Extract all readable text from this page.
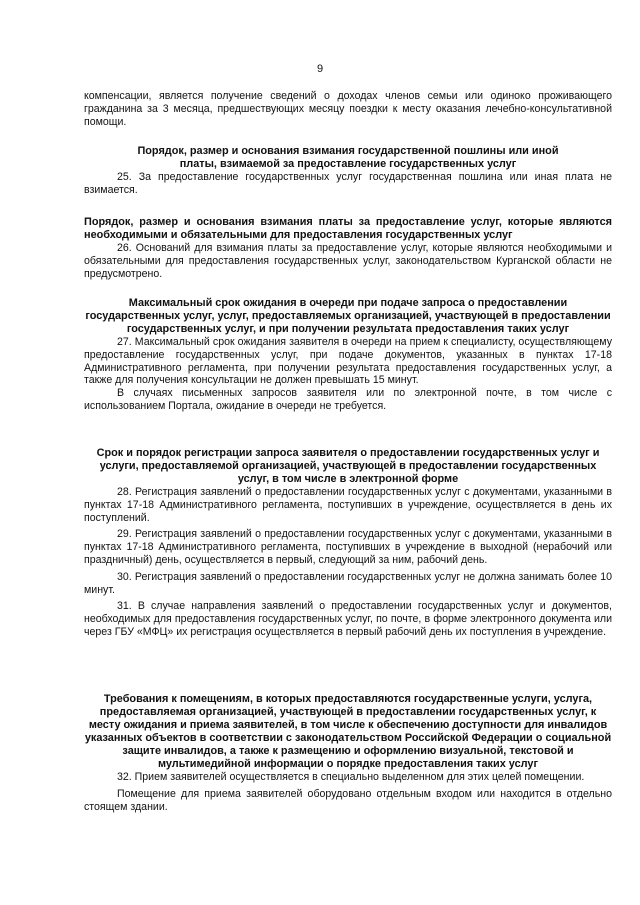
9

компенсации, является получение сведений о доходах членов семьи или одиноко проживающего гражданина за 3 месяца, предшествующих месяцу поездки к месту оказания лечебно-консультативной помощи.

Порядок, размер и основания взимания государственной пошлины или иной платы, взимаемой за предоставление государственных услуг

25. За предоставление государственных услуг государственная пошлина или иная плата не взимается.

Порядок, размер и основания взимания платы за предоставление услуг, которые являются необходимыми и обязательными для предоставления государственных услуг

26. Оснований для взимания платы за предоставление услуг, которые являются необходимыми и обязательными для предоставления государственных услуг, законодательством Курганской области не предусмотрено.

Максимальный срок ожидания в очереди при подаче запроса о предоставлении государственных услуг, услуг, предоставляемых организацией, участвующей в предоставлении государственных услуг, и при получении результата предоставления таких услуг

27. Максимальный срок ожидания заявителя в очереди на прием к специалисту, осуществляющему предоставление государственных услуг, при подаче документов, указанных в пунктах 17-18 Административного регламента, при получении результата предоставления государственных услуг, а также для получения консультации не должен превышать 15 минут.

В случаях письменных запросов заявителя или по электронной почте, в том числе с использованием Портала, ожидание в очереди не требуется.

Срок и порядок регистрации запроса заявителя о предоставлении государственных услуг и услуги, предоставляемой организацией, участвующей в предоставлении государственных услуг, в том числе в электронной форме

28. Регистрация заявлений о предоставлении государственных услуг с документами, указанными в пунктах 17-18 Административного регламента, поступивших в учреждение, осуществляется в день их поступлений.

29. Регистрация заявлений о предоставлении государственных услуг с документами, указанными в пунктах 17-18 Административного регламента, поступивших в учреждение в выходной (нерабочий или праздничный) день, осуществляется в первый, следующий за ним, рабочий день.

30. Регистрация заявлений о предоставлении государственных услуг не должна занимать более 10 минут.

31. В случае направления заявлений о предоставлении государственных услуг и документов, необходимых для предоставления государственных услуг, по почте, в форме электронного документа или через ГБУ «МФЦ» их регистрация осуществляется в первый рабочий день их поступления в учреждение.

Требования к помещениям, в которых предоставляются государственные услуги, услуга, предоставляемая организацией, участвующей в предоставлении государственных услуг, к месту ожидания и приема заявителей, в том числе к обеспечению доступности для инвалидов указанных объектов в соответствии с законодательством Российской Федерации о социальной защите инвалидов, а также к размещению и оформлению визуальной, текстовой и мультимедийной информации о порядке предоставления таких услуг

32. Прием заявителей осуществляется в специально выделенном для этих целей помещении.

Помещение для приема заявителей оборудовано отдельным входом или находится в отдельно стоящем здании.
